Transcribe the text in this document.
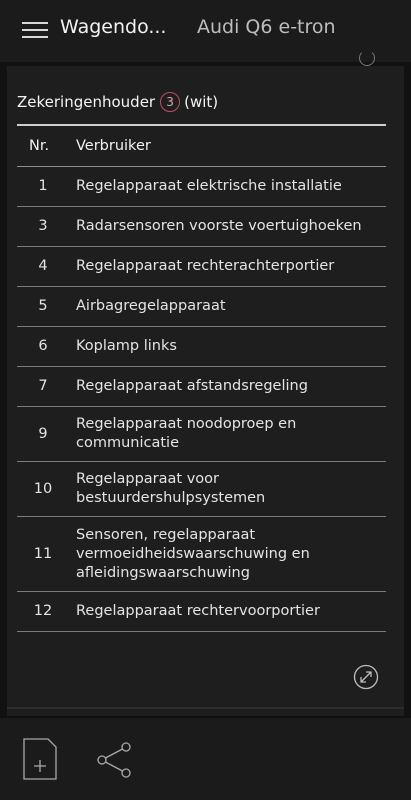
Wagendo... Audi Q6 e-tron
Zekeringenhouder 3 (wit)
Nr.	Verbruiker
1	Regelapparaat elektrische installatie
3	Radarsensoren voorste voertuighoeken
4	Regelapparaat rechterachterportier
5	Airbagregelapparaat
6	Koplamp links
7	Regelapparaat afstandsregeling
9	Regelapparaat noodoproep en communicatie
10	Regelapparaat voor bestuurdershulpsystemen
11	Sensoren, regelapparaat vermoeidheidswaarschuwing en afleidingswaarschuwing
12	Regelapparaat rechtervoorportier
